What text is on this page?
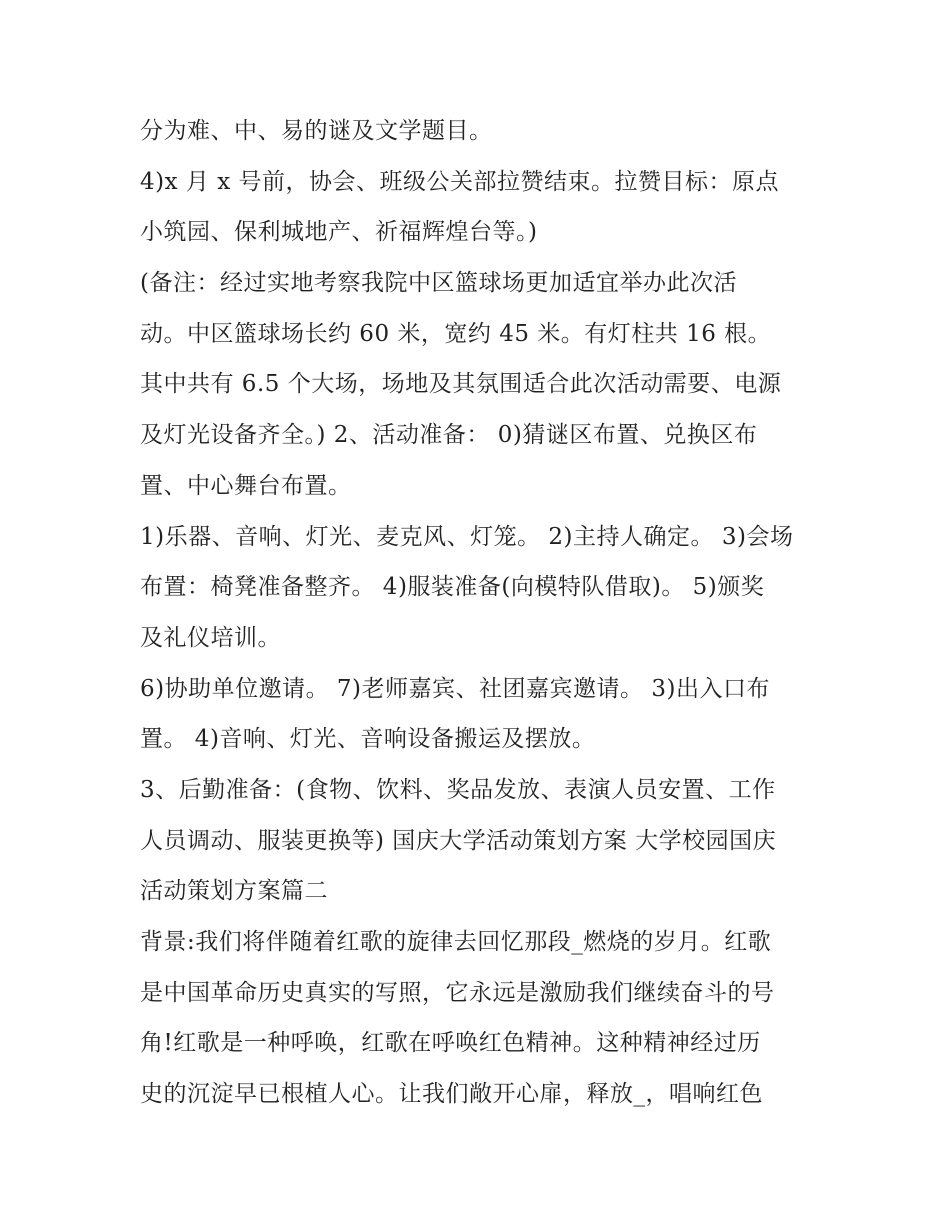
分为难、中、易的谜及文学题目。
4)x 月 x 号前，协会、班级公关部拉赞结束。拉赞目标：原点
小筑园、保利城地产、祈福辉煌台等。)
(备注：经过实地考察我院中区篮球场更加适宜举办此次活
动。中区篮球场长约 60 米，宽约 45 米。有灯柱共 16 根。
其中共有 6.5 个大场，场地及其氛围适合此次活动需要、电源
及灯光设备齐全。) 2、活动准备： 0)猜谜区布置、兑换区布
置、中心舞台布置。
1)乐器、音响、灯光、麦克风、灯笼。 2)主持人确定。 3)会场
布置：椅凳准备整齐。 4)服装准备(向模特队借取)。 5)颁奖
及礼仪培训。
6)协助单位邀请。 7)老师嘉宾、社团嘉宾邀请。 3)出入口布
置。 4)音响、灯光、音响设备搬运及摆放。
3、后勤准备：(食物、饮料、奖品发放、表演人员安置、工作
人员调动、服装更换等) 国庆大学活动策划方案 大学校园国庆
活动策划方案篇二
背景:我们将伴随着红歌的旋律去回忆那段_燃烧的岁月。红歌
是中国革命历史真实的写照，它永远是激励我们继续奋斗的号
角!红歌是一种呼唤，红歌在呼唤红色精神。这种精神经过历
史的沉淀早已根植人心。让我们敞开心扉，释放_，唱响红色
